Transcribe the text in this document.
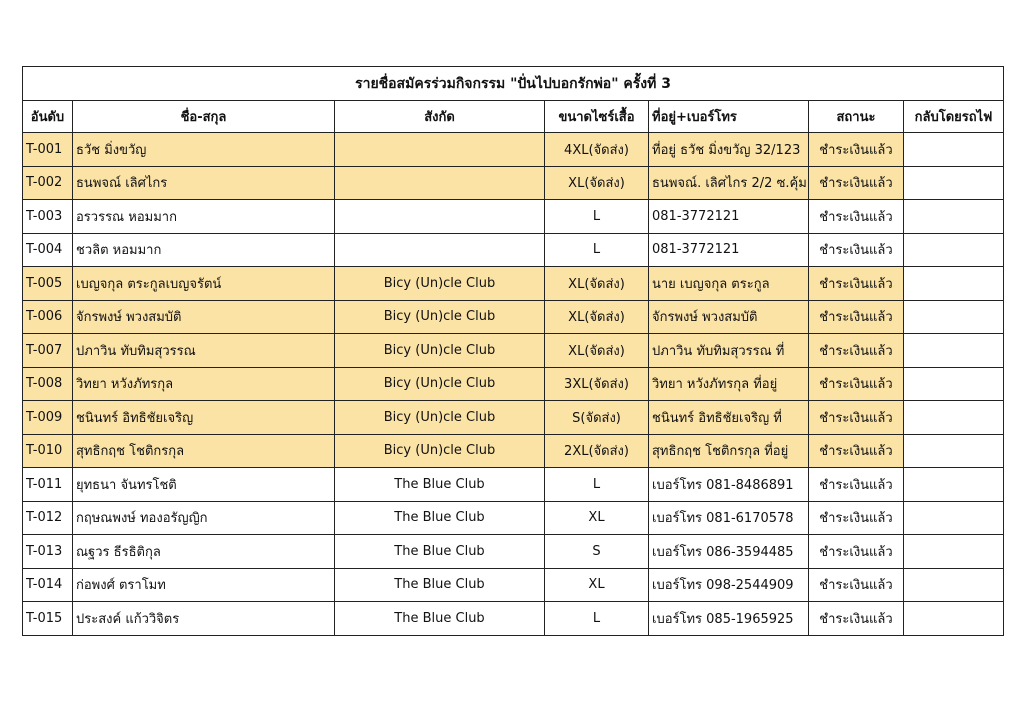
รายชื่อสมัครร่วมกิจกรรม "ปั่นไปบอกรักพ่อ" ครั้งที่ 3						
อันดับ	ชื่อ-สกุล	สังกัด	ขนาดไซร์เสื้อ	ที่อยู่+เบอร์โทร	สถานะ	กลับโดยรถไฟ
T-001	ธวัช มิ่งขวัญ		4XL(จัดส่ง)	ที่อยู่ ธวัช มิ่งขวัญ 32/123	ชำระเงินแล้ว	
T-002	ธนพจณ์ เลิศไกร		XL(จัดส่ง)	ธนพจณ์. เลิศไกร 2/2 ซ.คุ้ม	ชำระเงินแล้ว	
T-003	อรวรรณ หอมมาก		L	081-3772121	ชำระเงินแล้ว	
T-004	ชวลิต หอมมาก		L	081-3772121	ชำระเงินแล้ว	
T-005	เบญจกุล ตระกูลเบญจรัตน์	Bicy (Un)cle Club	XL(จัดส่ง)	นาย เบญจกุล ตระกูล	ชำระเงินแล้ว	
T-006	จักรพงษ์ พวงสมบัติ	Bicy (Un)cle Club	XL(จัดส่ง)	จักรพงษ์ พวงสมบัติ	ชำระเงินแล้ว	
T-007	ปภาวิน ทับทิมสุวรรณ	Bicy (Un)cle Club	XL(จัดส่ง)	ปภาวิน ทับทิมสุวรรณ ที่	ชำระเงินแล้ว	
T-008	วิทยา หวังภัทรกุล	Bicy (Un)cle Club	3XL(จัดส่ง)	วิทยา หวังภัทรกุล ที่อยู่	ชำระเงินแล้ว	
T-009	ชนินทร์ อิทธิชัยเจริญ	Bicy (Un)cle Club	S(จัดส่ง)	ชนินทร์ อิทธิชัยเจริญ ที่	ชำระเงินแล้ว	
T-010	สุทธิกฤช โชติกรกุล	Bicy (Un)cle Club	2XL(จัดส่ง)	สุทธิกฤช โชติกรกุล ที่อยู่	ชำระเงินแล้ว	
T-011	ยุทธนา จันทรโชติ	The Blue Club	L	เบอร์โทร 081-8486891	ชำระเงินแล้ว	
T-012	กฤษณพงษ์ ทองอรัญญิก	The Blue Club	XL	เบอร์โทร 081-6170578	ชำระเงินแล้ว	
T-013	ณฐวร ธีรธิติกุล	The Blue Club	S	เบอร์โทร 086-3594485	ชำระเงินแล้ว	
T-014	ก่อพงศ์ ตราโมท	The Blue Club	XL	เบอร์โทร 098-2544909	ชำระเงินแล้ว	
T-015	ประสงค์ แก้ววิจิตร	The Blue Club	L	เบอร์โทร 085-1965925	ชำระเงินแล้ว	
